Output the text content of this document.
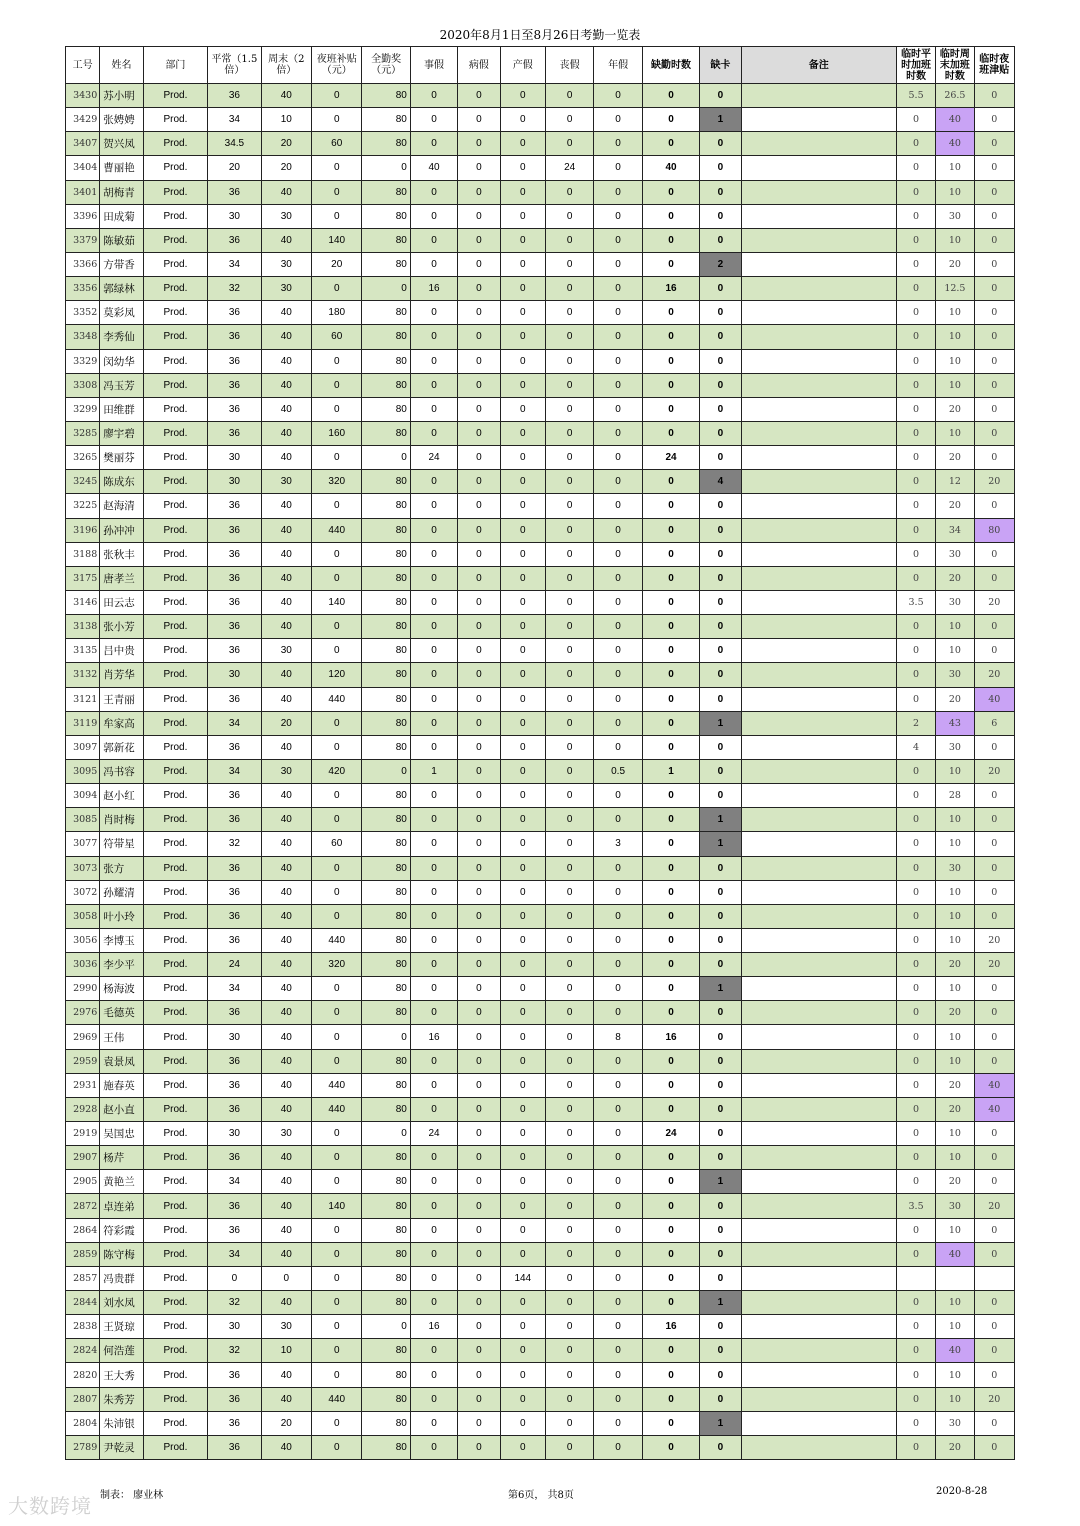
2020年8月1日至8月26日考勤一览表
工号	姓名	部门	平常（1.5倍）	周末（2倍）	夜班补贴（元）	全勤奖（元）	事假	病假	产假	丧假	年假	缺勤时数	缺卡	备注	临时平时加班时数	临时周末加班时数	临时夜班津贴
3430	苏小明	Prod.	36	40	0	80	0	0	0	0	0	0	0		5.5	26.5	0
3429	张娉娉	Prod.	34	10	0	80	0	0	0	0	0	0	1		0	40	0
3407	贺兴凤	Prod.	34.5	20	60	80	0	0	0	0	0	0	0		0	40	0
3404	曹丽艳	Prod.	20	20	0	0	40	0	0	24	0	40	0		0	10	0
3401	胡梅青	Prod.	36	40	0	80	0	0	0	0	0	0	0		0	10	0
3396	田成菊	Prod.	30	30	0	80	0	0	0	0	0	0	0		0	30	0
3379	陈敏茹	Prod.	36	40	140	80	0	0	0	0	0	0	0		0	10	0
3366	方带香	Prod.	34	30	20	80	0	0	0	0	0	0	2		0	20	0
3356	郭绿林	Prod.	32	30	0	0	16	0	0	0	0	16	0		0	12.5	0
3352	莫彩凤	Prod.	36	40	180	80	0	0	0	0	0	0	0		0	10	0
3348	李秀仙	Prod.	36	40	60	80	0	0	0	0	0	0	0		0	10	0
3329	闵幼华	Prod.	36	40	0	80	0	0	0	0	0	0	0		0	10	0
3308	冯玉芳	Prod.	36	40	0	80	0	0	0	0	0	0	0		0	10	0
3299	田维群	Prod.	36	40	0	80	0	0	0	0	0	0	0		0	20	0
3285	廖宇碧	Prod.	36	40	160	80	0	0	0	0	0	0	0		0	10	0
3265	樊丽芬	Prod.	30	40	0	0	24	0	0	0	0	24	0		0	20	0
3245	陈成东	Prod.	30	30	320	80	0	0	0	0	0	0	4		0	12	20
3225	赵海清	Prod.	36	40	0	80	0	0	0	0	0	0	0		0	20	0
3196	孙冲冲	Prod.	36	40	440	80	0	0	0	0	0	0	0		0	34	80
3188	张秋丰	Prod.	36	40	0	80	0	0	0	0	0	0	0		0	30	0
3175	唐孝兰	Prod.	36	40	0	80	0	0	0	0	0	0	0		0	20	0
3146	田云志	Prod.	36	40	140	80	0	0	0	0	0	0	0		3.5	30	20
3138	张小芳	Prod.	36	40	0	80	0	0	0	0	0	0	0		0	10	0
3135	吕中贵	Prod.	36	30	0	80	0	0	0	0	0	0	0		0	10	0
3132	肖芳华	Prod.	30	40	120	80	0	0	0	0	0	0	0		0	30	20
3121	王青丽	Prod.	36	40	440	80	0	0	0	0	0	0	0		0	20	40
3119	牟家高	Prod.	34	20	0	80	0	0	0	0	0	0	1		2	43	6
3097	郭新花	Prod.	36	40	0	80	0	0	0	0	0	0	0		4	30	0
3095	冯书容	Prod.	34	30	420	0	1	0	0	0	0.5	1	0		0	10	20
3094	赵小红	Prod.	36	40	0	80	0	0	0	0	0	0	0		0	28	0
3085	肖时梅	Prod.	36	40	0	80	0	0	0	0	0	0	1		0	10	0
3077	符带星	Prod.	32	40	60	80	0	0	0	0	3	0	1		0	10	0
3073	张方	Prod.	36	40	0	80	0	0	0	0	0	0	0		0	30	0
3072	孙耀清	Prod.	36	40	0	80	0	0	0	0	0	0	0		0	10	0
3058	叶小玲	Prod.	36	40	0	80	0	0	0	0	0	0	0		0	10	0
3056	李博玉	Prod.	36	40	440	80	0	0	0	0	0	0	0		0	10	20
3036	李少平	Prod.	24	40	320	80	0	0	0	0	0	0	0		0	20	20
2990	杨海波	Prod.	34	40	0	80	0	0	0	0	0	0	1		0	10	0
2976	毛德英	Prod.	36	40	0	80	0	0	0	0	0	0	0		0	20	0
2969	王伟	Prod.	30	40	0	0	16	0	0	0	8	16	0		0	10	0
2959	袁景凤	Prod.	36	40	0	80	0	0	0	0	0	0	0		0	10	0
2931	施春英	Prod.	36	40	440	80	0	0	0	0	0	0	0		0	20	40
2928	赵小直	Prod.	36	40	440	80	0	0	0	0	0	0	0		0	20	40
2919	吴国忠	Prod.	30	30	0	0	24	0	0	0	0	24	0		0	10	0
2907	杨芹	Prod.	36	40	0	80	0	0	0	0	0	0	0		0	10	0
2905	黄艳兰	Prod.	34	40	0	80	0	0	0	0	0	0	1		0	20	0
2872	卓连弟	Prod.	36	40	140	80	0	0	0	0	0	0	0		3.5	30	20
2864	符彩霞	Prod.	36	40	0	80	0	0	0	0	0	0	0		0	10	0
2859	陈守梅	Prod.	34	40	0	80	0	0	0	0	0	0	0		0	40	0
2857	冯贵群	Prod.	0	0	0	80	0	0	144	0	0	0	0				
2844	刘水凤	Prod.	32	40	0	80	0	0	0	0	0	0	1		0	10	0
2838	王贤琼	Prod.	30	30	0	0	16	0	0	0	0	16	0		0	10	0
2824	何浩莲	Prod.	32	10	0	80	0	0	0	0	0	0	0		0	40	0
2820	王大秀	Prod.	36	40	0	80	0	0	0	0	0	0	0		0	10	0
2807	朱秀芳	Prod.	36	40	440	80	0	0	0	0	0	0	0		0	10	20
2804	朱沛银	Prod.	36	20	0	80	0	0	0	0	0	0	1		0	30	0
2789	尹乾灵	Prod.	36	40	0	80	0	0	0	0	0	0	0		0	20	0
制表： 廖业林	第6页， 共8页	2020-8-28
大数跨境
